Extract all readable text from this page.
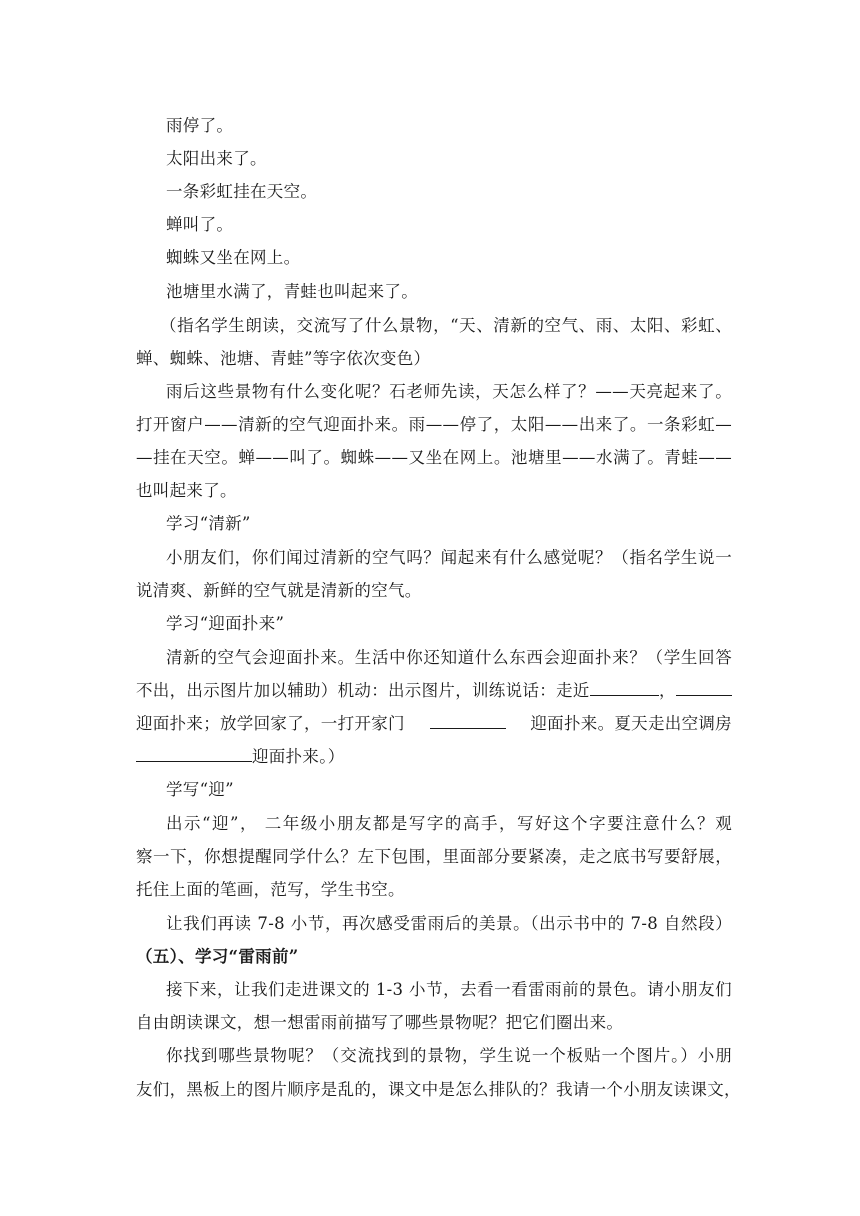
雨停了。
太阳出来了。
一条彩虹挂在天空。
蝉叫了。
蜘蛛又坐在网上。
池塘里水满了，青蛙也叫起来了。
（指名学生朗读，交流写了什么景物，“天、清新的空气、雨、太阳、彩虹、
蝉、蜘蛛、池塘、青蛙”等字依次变色）
雨后这些景物有什么变化呢？石老师先读，天怎么样了？——天亮起来了。
打开窗户——清新的空气迎面扑来。雨——停了，太阳——出来了。一条彩虹—
—挂在天空。蝉——叫了。蜘蛛——又坐在网上。池塘里——水满了。青蛙——
也叫起来了。
学习“清新”
小朋友们，你们闻过清新的空气吗？闻起来有什么感觉呢？（指名学生说一
说清爽、新鲜的空气就是清新的空气。
学习“迎面扑来”
清新的空气会迎面扑来。生活中你还知道什么东西会迎面扑来？（学生回答
不出，出示图片加以辅助）机动：出示图片，训练说话：走近	，
迎面扑来；放学回家了，一打开家门	迎面扑来。夏天走出空调房
迎面扑来。）
学写“迎”
出示“迎”， 二年级小朋友都是写字的高手，写好这个字要注意什么？观
察一下，你想提醒同学什么？左下包围，里面部分要紧凑，走之底书写要舒展，
托住上面的笔画，范写，学生书空。
让我们再读 7-8 小节，再次感受雷雨后的美景。（出示书中的 7-8 自然段）
（五）、学习“雷雨前”
接下来，让我们走进课文的 1-3 小节，去看一看雷雨前的景色。请小朋友们
自由朗读课文，想一想雷雨前描写了哪些景物呢？把它们圈出来。
你找到哪些景物呢？（交流找到的景物，学生说一个板贴一个图片。）小朋
友们，黑板上的图片顺序是乱的，课文中是怎么排队的？我请一个小朋友读课文，
